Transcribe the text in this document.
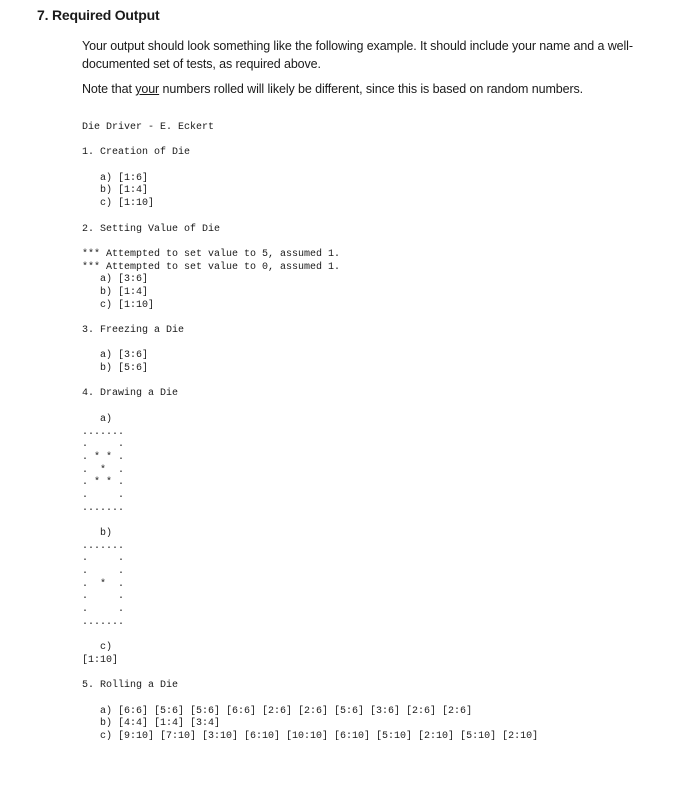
7. Required Output
Your output should look something like the following example. It should include your name and a well-documented set of tests, as required above.
Note that your numbers rolled will likely be different, since this is based on random numbers.
Die Driver - E. Eckert
1. Creation of Die
a) [1:6]
b) [1:4]
c) [1:10]
2. Setting Value of Die
*** Attempted to set value to 5, assumed 1.
*** Attempted to set value to 0, assumed 1.
a) [3:6]
b) [1:4]
c) [1:10]
3. Freezing a Die
a) [3:6]
b) [5:6]
4. Drawing a Die
a)
.......
.     .
. * * .
.  *  .
. * * .
.     .
.......
b)
.......
.     .
.     .
.  *  .
.     .
.     .
.......
c)
[1:10]
5. Rolling a Die
a) [6:6] [5:6] [5:6] [6:6] [2:6] [2:6] [5:6] [3:6] [2:6] [2:6]
b) [4:4] [1:4] [3:4]
c) [9:10] [7:10] [3:10] [6:10] [10:10] [6:10] [5:10] [2:10] [5:10] [2:10]
